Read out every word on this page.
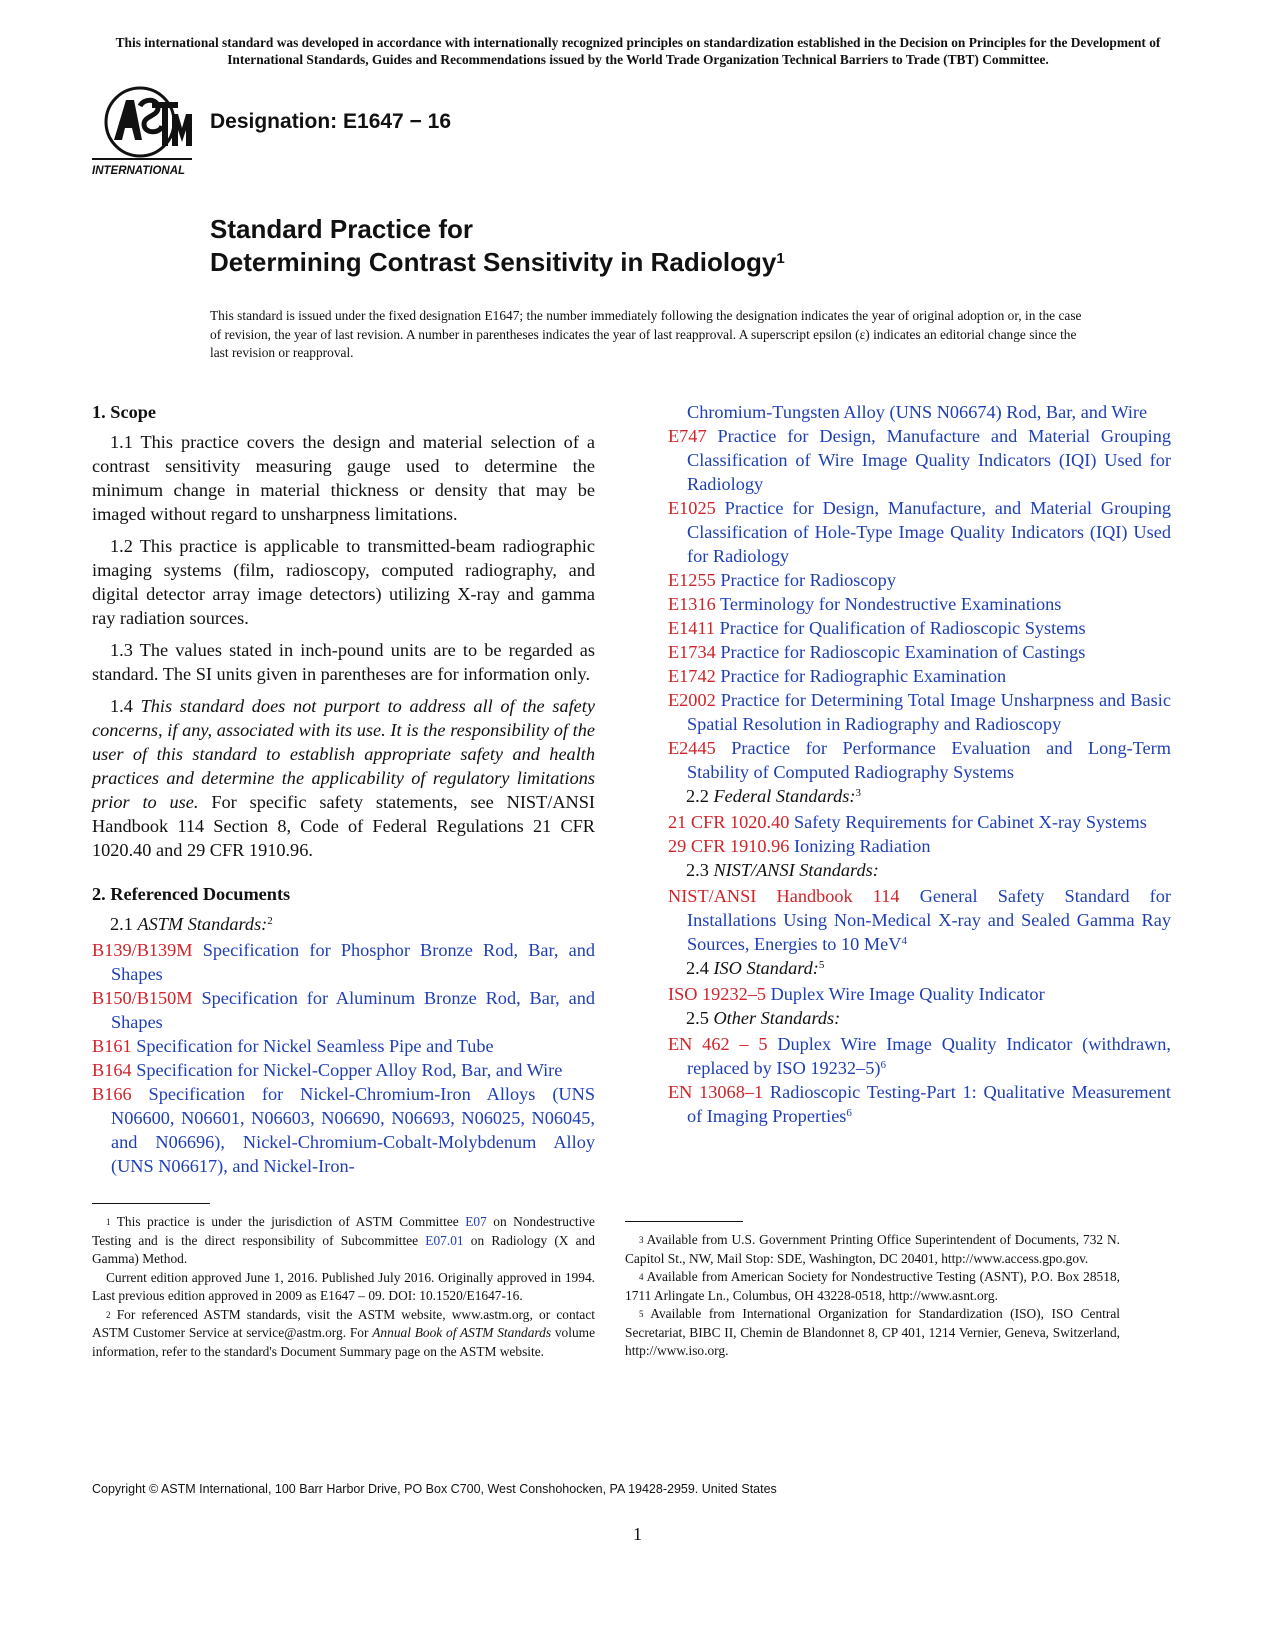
This international standard was developed in accordance with internationally recognized principles on standardization established in the Decision on Principles for the Development of International Standards, Guides and Recommendations issued by the World Trade Organization Technical Barriers to Trade (TBT) Committee.
INTERNATIONAL
Designation: E1647 − 16
Standard Practice for
Determining Contrast Sensitivity in Radiology$^1$
This standard is issued under the fixed designation E1647; the number immediately following the designation indicates the year of original adoption or, in the case of revision, the year of last revision. A number in parentheses indicates the year of last reapproval. A superscript epsilon (ε) indicates an editorial change since the last revision or reapproval.
1. Scope

1.1 This practice covers the design and material selection of a contrast sensitivity measuring gauge used to determine the minimum change in material thickness or density that may be imaged without regard to unsharpness limitations.

1.2 This practice is applicable to transmitted-beam radiographic imaging systems (film, radioscopy, computed radiography, and digital detector array image detectors) utilizing X-ray and gamma ray radiation sources.

1.3 The values stated in inch-pound units are to be regarded as standard. The SI units given in parentheses are for information only.

1.4 This standard does not purport to address all of the safety concerns, if any, associated with its use. It is the responsibility of the user of this standard to establish appropriate safety and health practices and determine the applicability of regulatory limitations prior to use. For specific safety statements, see NIST/ANSI Handbook 114 Section 8, Code of Federal Regulations 21 CFR 1020.40 and 29 CFR 1910.96.

2. Referenced Documents

2.1 ASTM Standards:$^2$

B139/B139M Specification for Phosphor Bronze Rod, Bar, and Shapes
B150/B150M Specification for Aluminum Bronze Rod, Bar, and Shapes
B161 Specification for Nickel Seamless Pipe and Tube
B164 Specification for Nickel-Copper Alloy Rod, Bar, and Wire
B166 Specification for Nickel-Chromium-Iron Alloys (UNS N06600, N06601, N06603, N06690, N06693, N06025, N06045, and N06696), Nickel-Chromium-Cobalt-Molybdenum Alloy (UNS N06617), and Nickel-Iron-
Chromium-Tungsten Alloy (UNS N06674) Rod, Bar, and Wire
E747 Practice for Design, Manufacture and Material Grouping Classification of Wire Image Quality Indicators (IQI) Used for Radiology
E1025 Practice for Design, Manufacture, and Material Grouping Classification of Hole-Type Image Quality Indicators (IQI) Used for Radiology
E1255 Practice for Radioscopy
E1316 Terminology for Nondestructive Examinations
E1411 Practice for Qualification of Radioscopic Systems
E1734 Practice for Radioscopic Examination of Castings
E1742 Practice for Radiographic Examination
E2002 Practice for Determining Total Image Unsharpness and Basic Spatial Resolution in Radiography and Radioscopy
E2445 Practice for Performance Evaluation and Long-Term Stability of Computed Radiography Systems

2.2 Federal Standards:$^3$

21 CFR 1020.40 Safety Requirements for Cabinet X-ray Systems
29 CFR 1910.96 Ionizing Radiation

2.3 NIST/ANSI Standards:

NIST/ANSI Handbook 114 General Safety Standard for Installations Using Non-Medical X-ray and Sealed Gamma Ray Sources, Energies to 10 MeV$^4$

2.4 ISO Standard:$^5$

ISO 19232–5 Duplex Wire Image Quality Indicator

2.5 Other Standards:

EN 462 – 5 Duplex Wire Image Quality Indicator (withdrawn, replaced by ISO 19232–5)$^6$
EN 13068–1 Radioscopic Testing-Part 1: Qualitative Measurement of Imaging Properties$^6$

$^1$ This practice is under the jurisdiction of ASTM Committee E07 on Nondestructive Testing and is the direct responsibility of Subcommittee E07.01 on Radiology (X and Gamma) Method.

Current edition approved June 1, 2016. Published July 2016. Originally approved in 1994. Last previous edition approved in 2009 as E1647 – 09. DOI: 10.1520/E1647-16.

$^2$ For referenced ASTM standards, visit the ASTM website, www.astm.org, or contact ASTM Customer Service at service@astm.org. For Annual Book of ASTM Standards volume information, refer to the standard's Document Summary page on the ASTM website.

$^3$ Available from U.S. Government Printing Office Superintendent of Documents, 732 N. Capitol St., NW, Mail Stop: SDE, Washington, DC 20401, http://www.access.gpo.gov.

$^4$ Available from American Society for Nondestructive Testing (ASNT), P.O. Box 28518, 1711 Arlingate Ln., Columbus, OH 43228-0518, http://www.asnt.org.

$^5$ Available from International Organization for Standardization (ISO), ISO Central Secretariat, BIBC II, Chemin de Blandonnet 8, CP 401, 1214 Vernier, Geneva, Switzerland, http://www.iso.org.

Copyright © ASTM International, 100 Barr Harbor Drive, PO Box C700, West Conshohocken, PA 19428-2959. United States
1
